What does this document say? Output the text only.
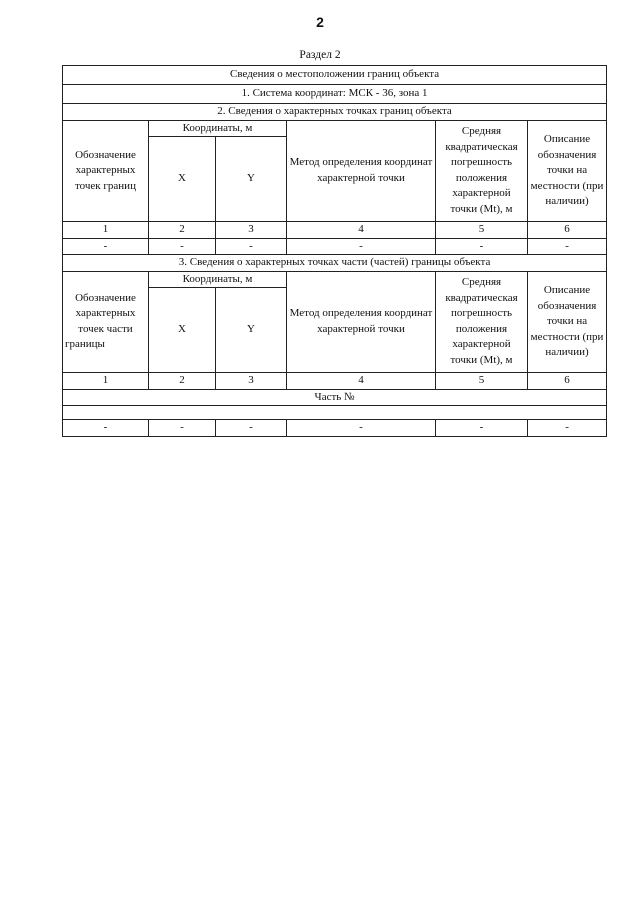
2
Раздел 2
Сведения о местоположении границ объекта					
1. Система координат: МСК - 36, зона 1					
2. Сведения о характерных точках границ объекта					
Обозначение характерных точек границ	Координаты, м		Метод определения координат характерной точки	Средняя квадратическая погрешность положения характерной точки (Mt), м	Описание обозначения точки на местности (при наличии)
	X	Y			
1	2	3	4	5	6
-	-	-	-	-	-
3. Сведения о характерных точках части (частей) границы объекта					
Обозначение характерных точек части границы	Координаты, м		Метод определения координат характерной точки	Средняя квадратическая погрешность положения характерной точки (Mt), м	Описание обозначения точки на местности (при наличии)
	X	Y			
1	2	3	4	5	6
Часть №					

-	-	-	-	-	-
